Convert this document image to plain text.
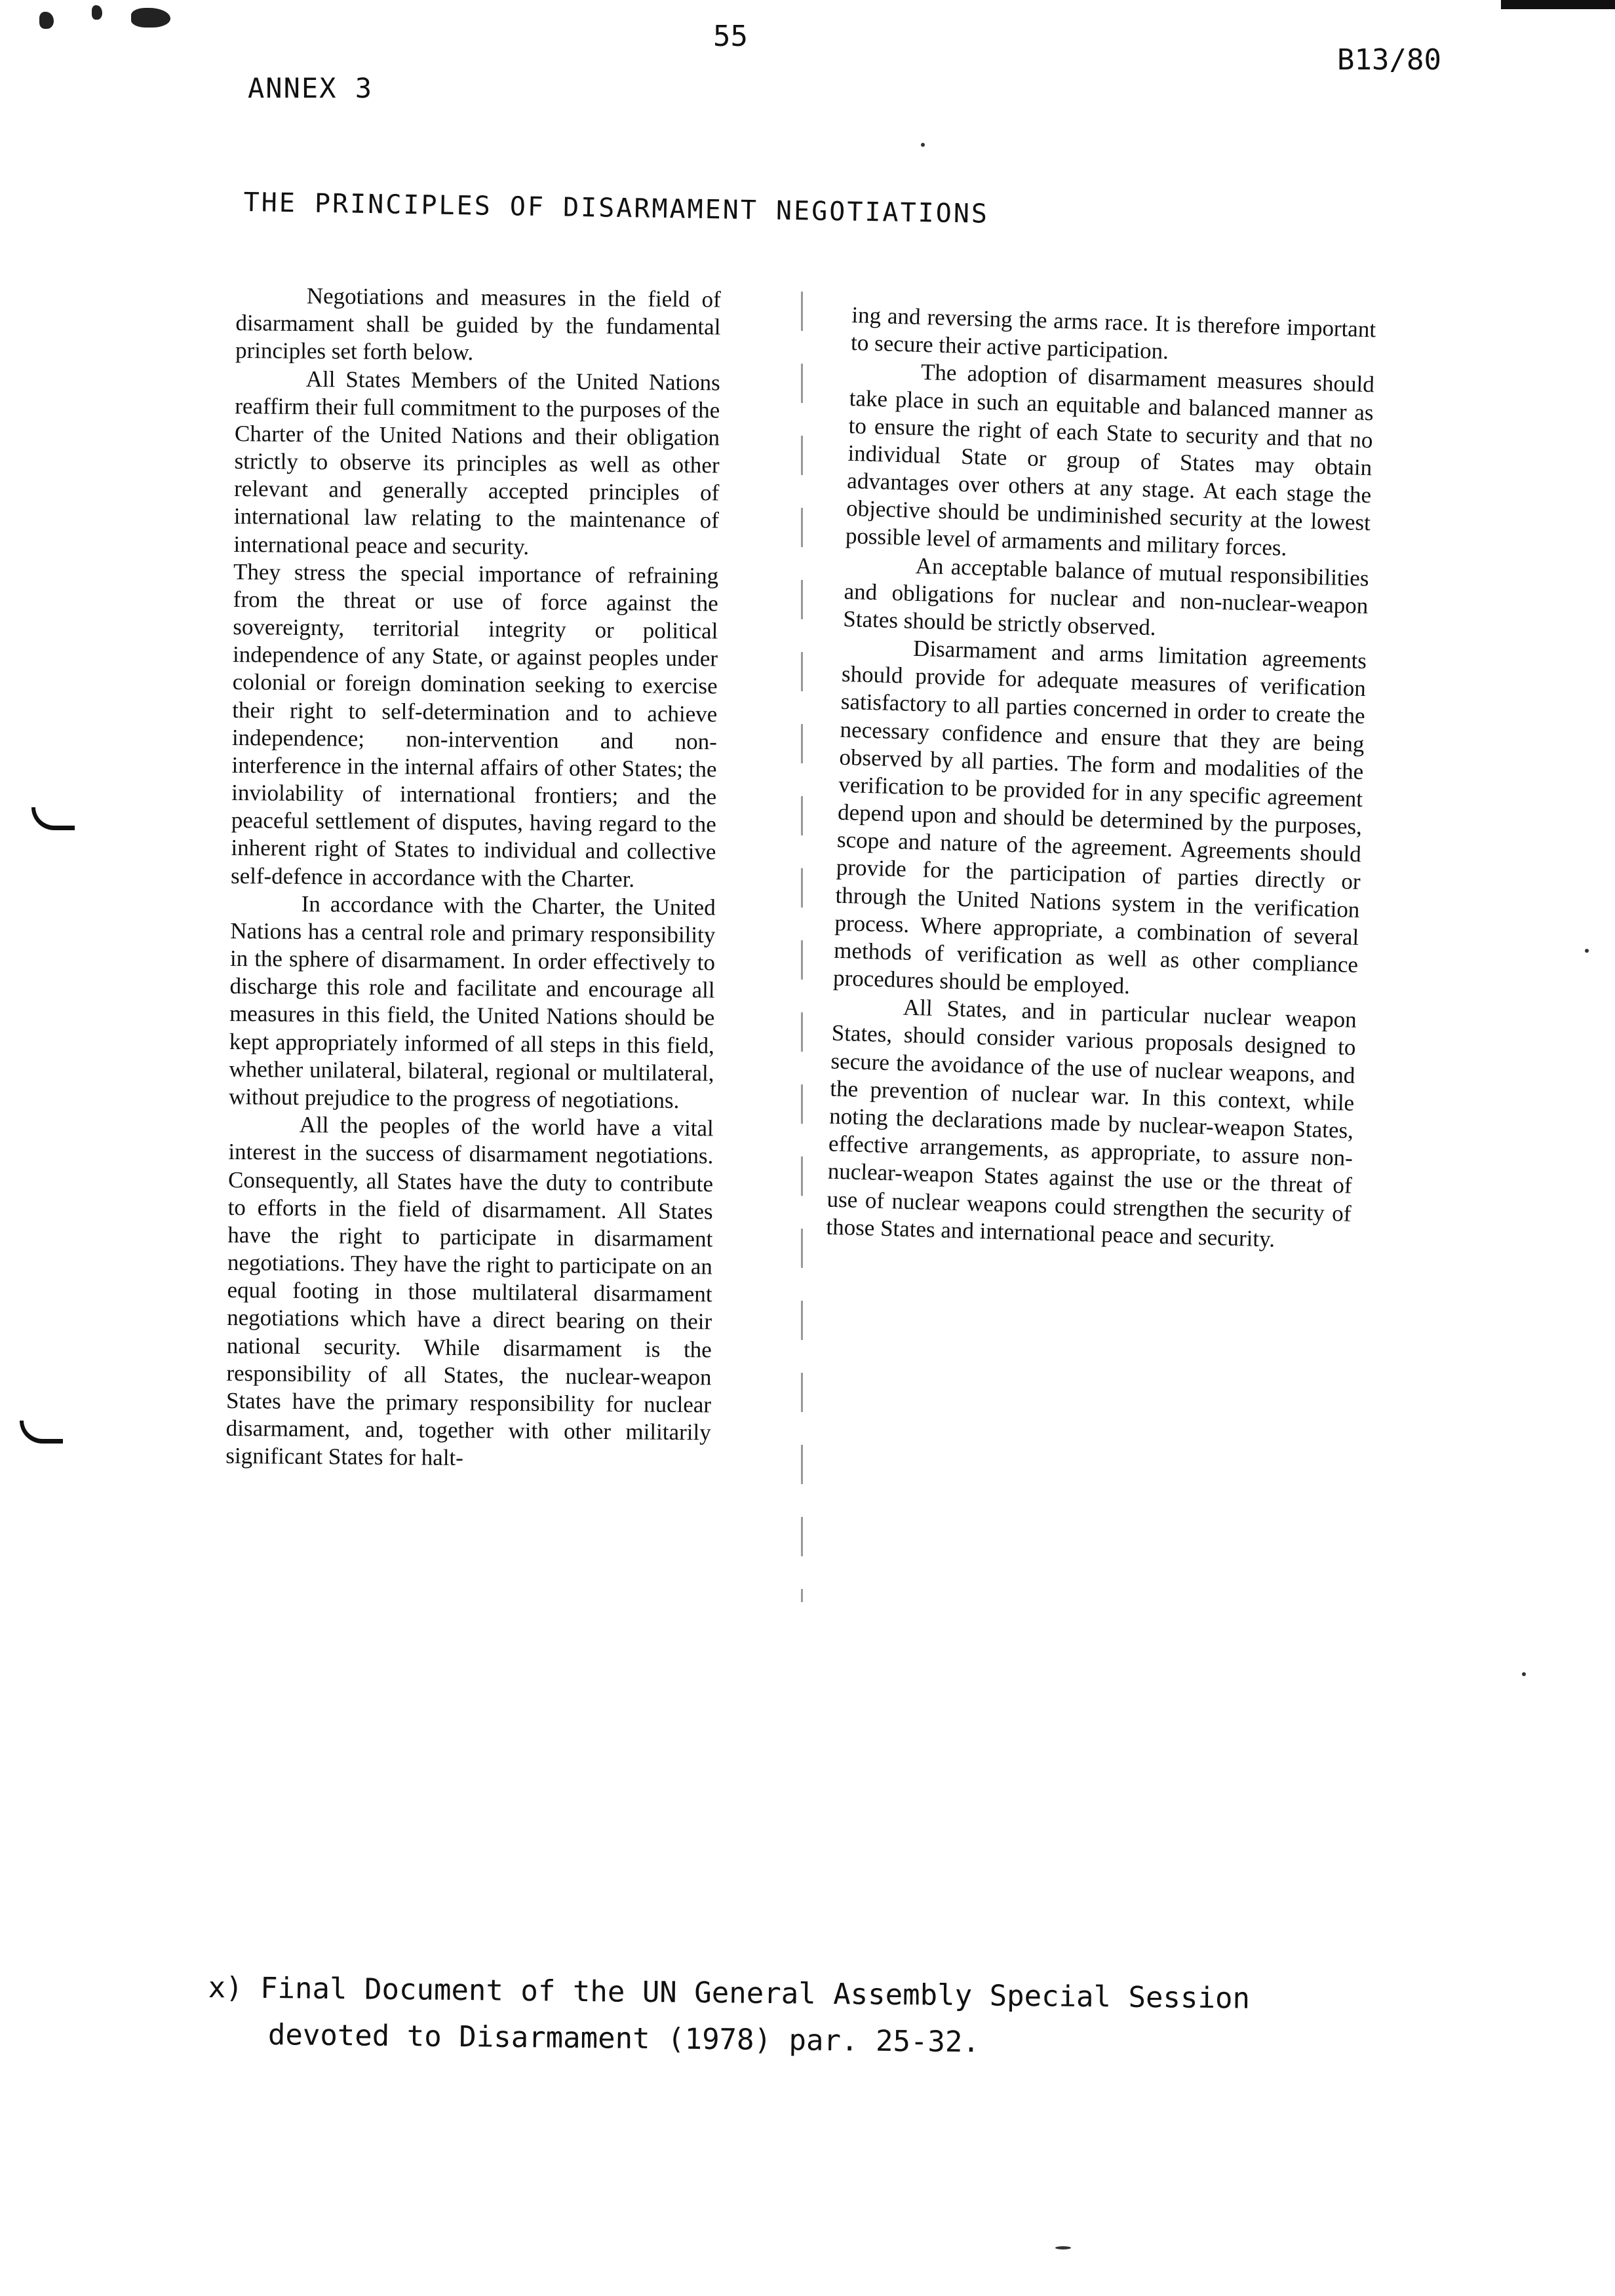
55
B13/80
ANNEX 3
THE PRINCIPLES OF DISARMAMENT NEGOTIATIONS

Negotiations and measures in the field of disarmament shall be guided by the fundamental principles set forth below.

All States Members of the United Nations reaffirm their full commitment to the purposes of the Charter of the United Nations and their obligation strictly to observe its principles as well as other relevant and generally accepted principles of international law relating to the maintenance of international peace and security.

They stress the special importance of refraining from the threat or use of force against the sovereignty, territorial integrity or political independence of any State, or against peoples under colonial or foreign domination seeking to exercise their right to self-determination and to achieve independence; non-intervention and non-interference in the internal affairs of other States; the inviolability of international frontiers; and the peaceful settlement of disputes, having regard to the inherent right of States to individual and collective self-defence in accordance with the Charter.

In accordance with the Charter, the United Nations has a central role and primary responsibility in the sphere of disarmament. In order effectively to discharge this role and facilitate and encourage all measures in this field, the United Nations should be kept appropriately informed of all steps in this field, whether unilateral, bilateral, regional or multilateral, without prejudice to the progress of negotiations.

All the peoples of the world have a vital interest in the success of disarmament negotiations. Consequently, all States have the duty to contribute to efforts in the field of disarmament. All States have the right to participate in disarmament negotiations. They have the right to participate on an equal footing in those multilateral disarmament negotiations which have a direct bearing on their national security. While disarmament is the responsibility of all States, the nuclear-weapon States have the primary responsibility for nuclear disarmament, and, together with other militarily significant States for halt-

ing and reversing the arms race. It is therefore important to secure their active participation.

The adoption of disarmament measures should take place in such an equitable and balanced manner as to ensure the right of each State to security and that no individual State or group of States may obtain advantages over others at any stage. At each stage the objective should be undiminished security at the lowest possible level of armaments and military forces.

An acceptable balance of mutual responsibilities and obligations for nuclear and non-nuclear-weapon States should be strictly observed.

Disarmament and arms limitation agreements should provide for adequate measures of verification satisfactory to all parties concerned in order to create the necessary confidence and ensure that they are being observed by all parties. The form and modalities of the verification to be provided for in any specific agreement depend upon and should be determined by the purposes, scope and nature of the agreement. Agreements should provide for the participation of parties directly or through the United Nations system in the verification process. Where appropriate, a combination of several methods of verification as well as other compliance procedures should be employed.

All States, and in particular nuclear weapon States, should consider various proposals designed to secure the avoidance of the use of nuclear weapons, and the prevention of nuclear war. In this context, while noting the declarations made by nuclear-weapon States, effective arrangements, as appropriate, to assure non-nuclear-weapon States against the use or the threat of use of nuclear weapons could strengthen the security of those States and international peace and security.

x) Final Document of the UN General Assembly Special Session
devoted to Disarmament (1978) par. 25-32.
